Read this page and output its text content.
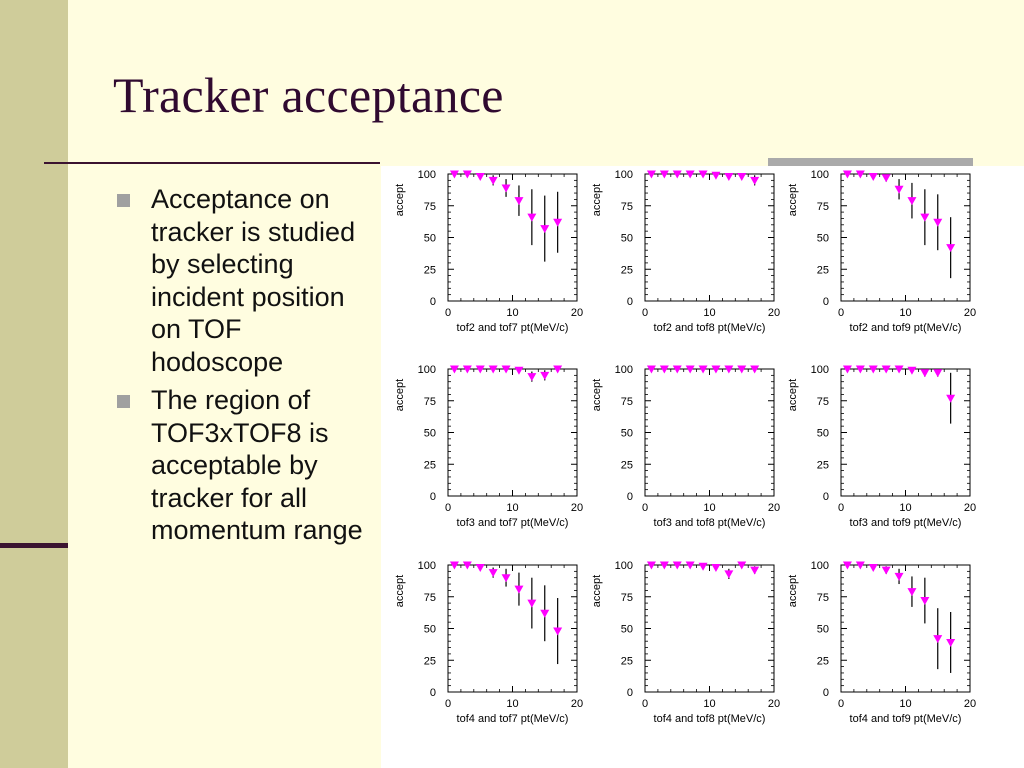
Tracker acceptance
Acceptance on tracker is studied by selecting incident position on TOF hodoscope
The region of TOF3xTOF8 is acceptable by tracker for all momentum range
0
25
50
75
100
0	10	20
tof2 and tof7 pt(MeV/c)
accept
0
25
50
75
100
0	10	20
tof2 and tof8 pt(MeV/c)
accept
0
25
50
75
100
0	10	20
tof2 and tof9 pt(MeV/c)
accept
0
25
50
75
100
0	10	20
tof3 and tof7 pt(MeV/c)
accept
0
25
50
75
100
0	10	20
tof3 and tof8 pt(MeV/c)
accept
0
25
50
75
100
0	10	20
tof3 and tof9 pt(MeV/c)
accept
0
25
50
75
100
0	10	20
tof4 and tof7 pt(MeV/c)
accept
0
25
50
75
100
0	10	20
tof4 and tof8 pt(MeV/c)
accept
0
25
50
75
100
0	10	20
tof4 and tof9 pt(MeV/c)
accept
